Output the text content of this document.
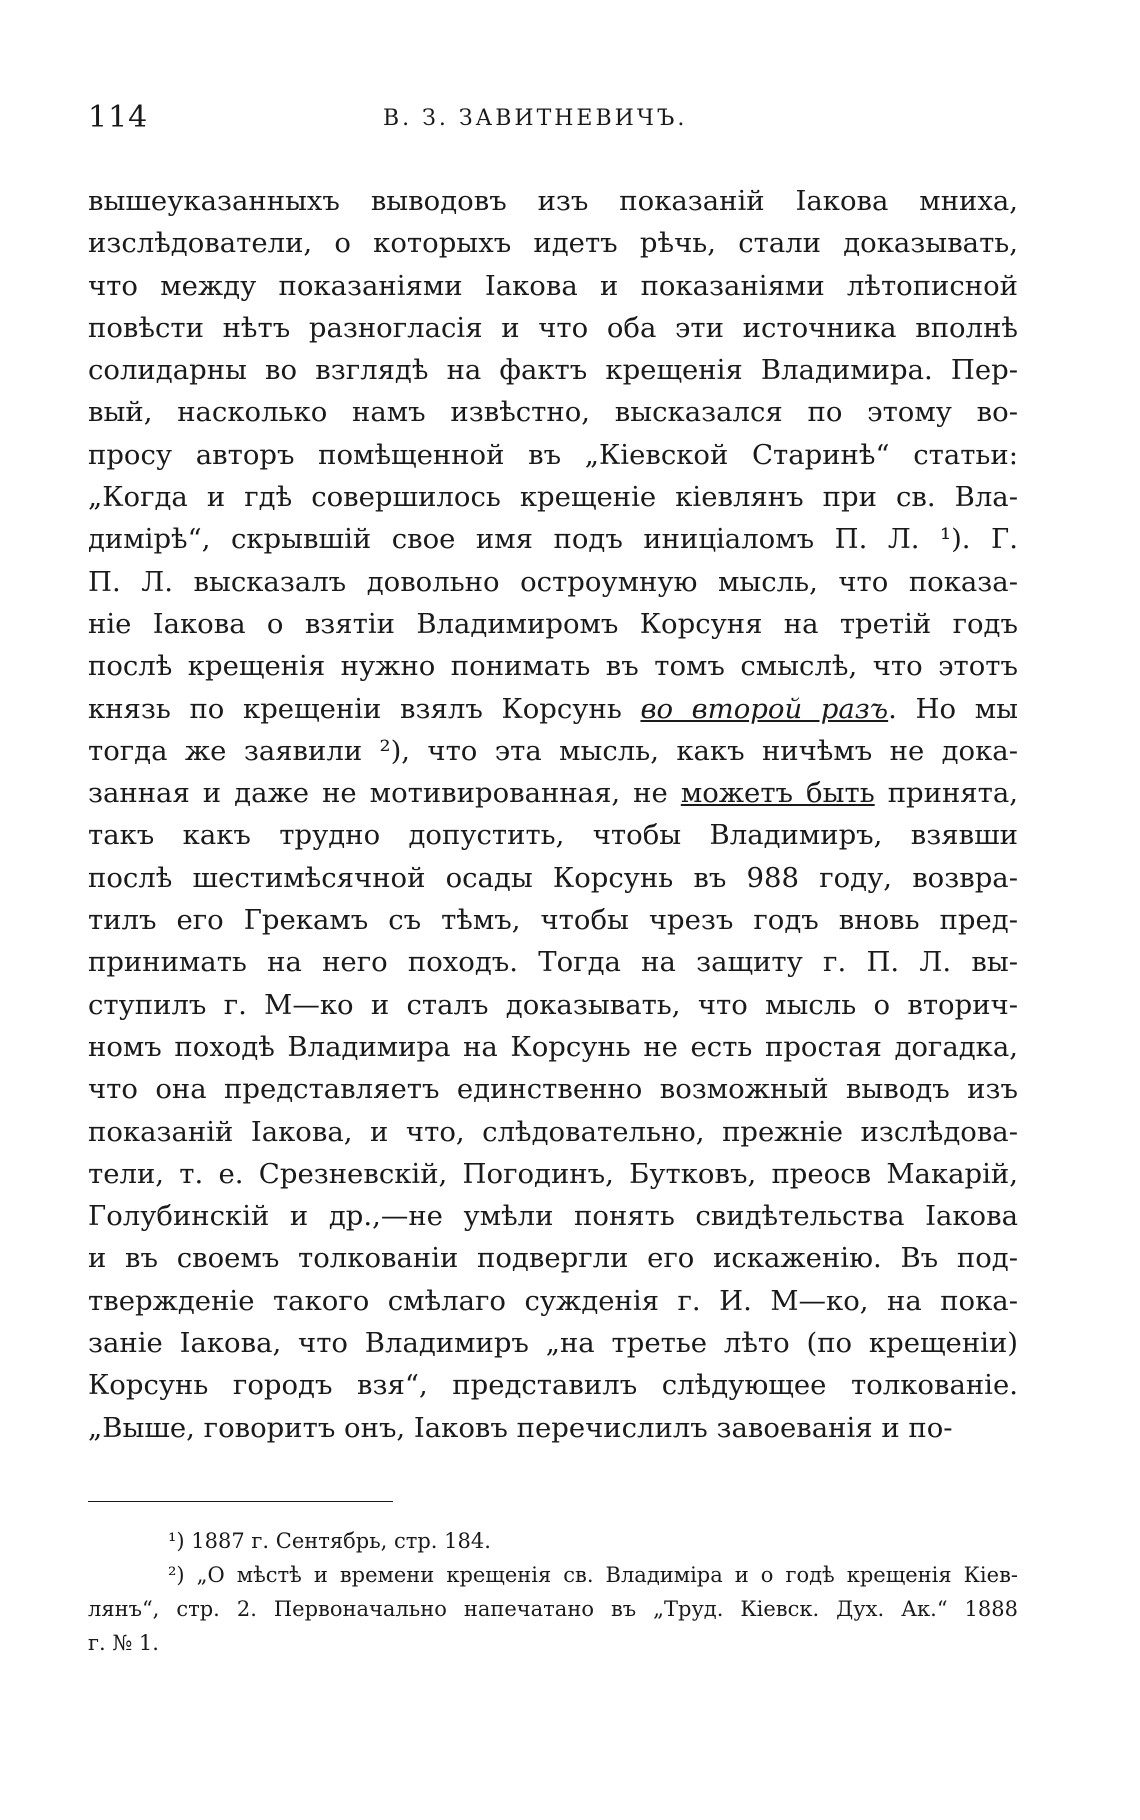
114	В. З. ЗАВИТНЕВИЧЪ.
вышеуказанныхъ выводовъ изъ показаній Іакова мниха,
изслѣдователи, о которыхъ идетъ рѣчь, стали доказывать,
что между показаніями Іакова и показаніями лѣтописной
повѣсти нѣтъ разногласія и что оба эти источника вполнѣ
солидарны во взглядѣ на фактъ крещенія Владимира. Пер-
вый, насколько намъ извѣстно, высказался по этому во-
просу авторъ помѣщенной въ „Кіевской Старинѣ“ статьи:
„Когда и гдѣ совершилось крещеніе кіевлянъ при св. Вла-
димірѣ“, скрывшій свое имя подъ иниціаломъ П. Л. ¹). Г.
П. Л. высказалъ довольно остроумную мысль, что показа-
ніе Іакова о взятіи Владимиромъ Корсуня на третій годъ
послѣ крещенія нужно понимать въ томъ смыслѣ, что этотъ
князь по крещеніи взялъ Корсунь во второй разъ. Но мы
тогда же заявили ²), что эта мысль, какъ ничѣмъ не дока-
занная и даже не мотивированная, не можетъ быть принята,
такъ какъ трудно допустить, чтобы Владимиръ, взявши
послѣ шестимѣсячной осады Корсунь въ 988 году, возвра-
тилъ его Грекамъ съ тѣмъ, чтобы чрезъ годъ вновь пред-
принимать на него походъ. Тогда на защиту г. П. Л. вы-
ступилъ г. М—ко и сталъ доказывать, что мысль о вторич-
номъ походѣ Владимира на Корсунь не есть простая догадка,
что она представляетъ единственно возможный выводъ изъ
показаній Іакова, и что, слѣдовательно, прежніе изслѣдова-
тели, т. е. Срезневскій, Погодинъ, Бутковъ, преосв Макарій,
Голубинскій и др.,—не умѣли понять свидѣтельства Іакова
и въ своемъ толкованіи подвергли его искаженію. Въ под-
твержденіе такого смѣлаго сужденія г. И. М—ко, на пока-
заніе Іакова, что Владимиръ „на третье лѣто (по крещеніи)
Корсунь городъ взя“, представилъ слѣдующее толкованіе.
„Выше, говоритъ онъ, Іаковъ перечислилъ завоеванія и по-
¹) 1887 г. Сентябрь, стр. 184.
²) „О мѣстѣ и времени крещенія св. Владиміра и о годѣ крещенія Кіев-
лянъ“, стр. 2. Первоначально напечатано въ „Труд. Кіевск. Дух. Ак.“ 1888
г. № 1.
